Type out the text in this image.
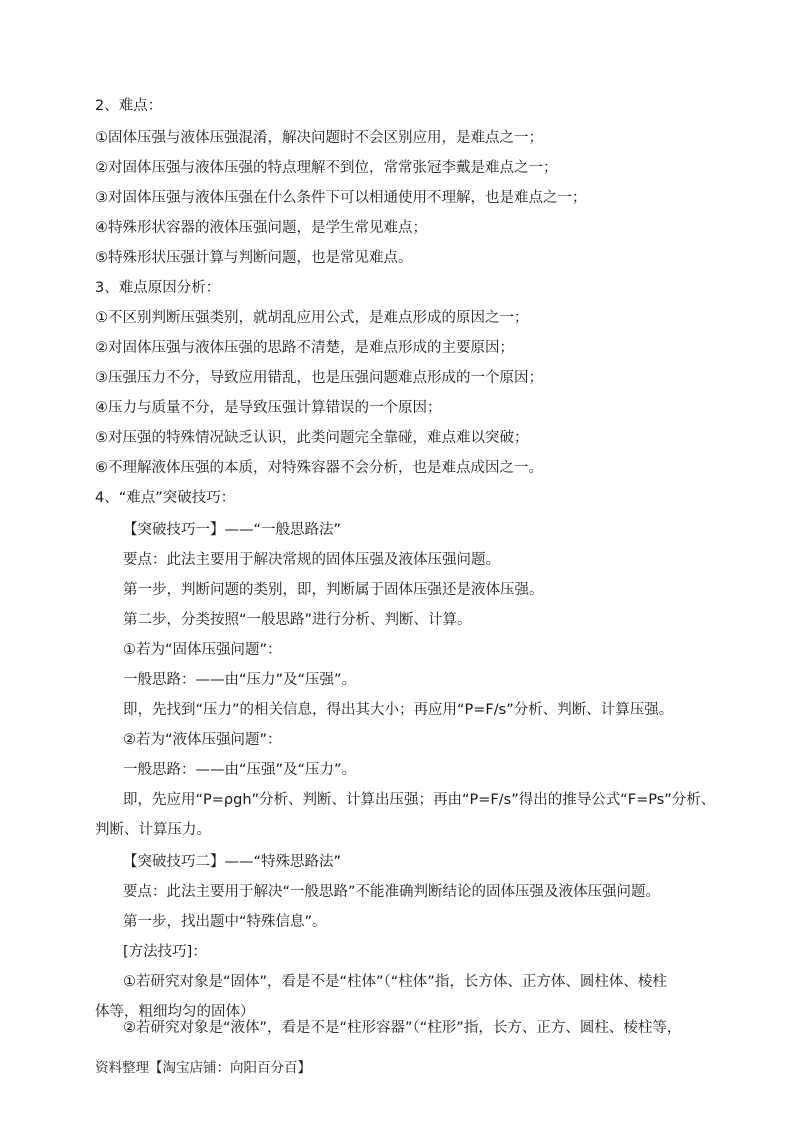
2、难点：
①固体压强与液体压强混淆，解决问题时不会区别应用，是难点之一；
②对固体压强与液体压强的特点理解不到位，常常张冠李戴是难点之一；
③对固体压强与液体压强在什么条件下可以相通使用不理解，也是难点之一；
④特殊形状容器的液体压强问题，是学生常见难点；
⑤特殊形状压强计算与判断问题，也是常见难点。
3、难点原因分析：
①不区别判断压强类别，就胡乱应用公式，是难点形成的原因之一；
②对固体压强与液体压强的思路不清楚，是难点形成的主要原因；
③压强压力不分，导致应用错乱，也是压强问题难点形成的一个原因；
④压力与质量不分，是导致压强计算错误的一个原因；
⑤对压强的特殊情况缺乏认识，此类问题完全靠碰，难点难以突破；
⑥不理解液体压强的本质，对特殊容器不会分析，也是难点成因之一。
4、“难点”突破技巧：
【突破技巧一】——“一般思路法”
要点：此法主要用于解决常规的固体压强及液体压强问题。
第一步，判断问题的类别，即，判断属于固体压强还是液体压强。
第二步，分类按照“一般思路”进行分析、判断、计算。
①若为“固体压强问题”：
一般思路：——由“压力”及“压强”。
即，先找到“压力”的相关信息，得出其大小；再应用“P=F/s”分析、判断、计算压强。
②若为“液体压强问题”：
一般思路：——由“压强”及“压力”。
即，先应用“P=ρgh”分析、判断、计算出压强；再由“P=F/s”得出的推导公式“F=Ps”分析、
判断、计算压力。
【突破技巧二】——“特殊思路法”
要点：此法主要用于解决“一般思路”不能准确判断结论的固体压强及液体压强问题。
第一步，找出题中“特殊信息”。
[方法技巧]：
①若研究对象是“固体”，看是不是“柱体”（“柱体”指，长方体、正方体、圆柱体、棱柱
体等，粗细均匀的固体）
②若研究对象是“液体”，看是不是“柱形容器”（“柱形”指，长方、正方、圆柱、棱柱等，
资料整理【淘宝店铺：向阳百分百】
